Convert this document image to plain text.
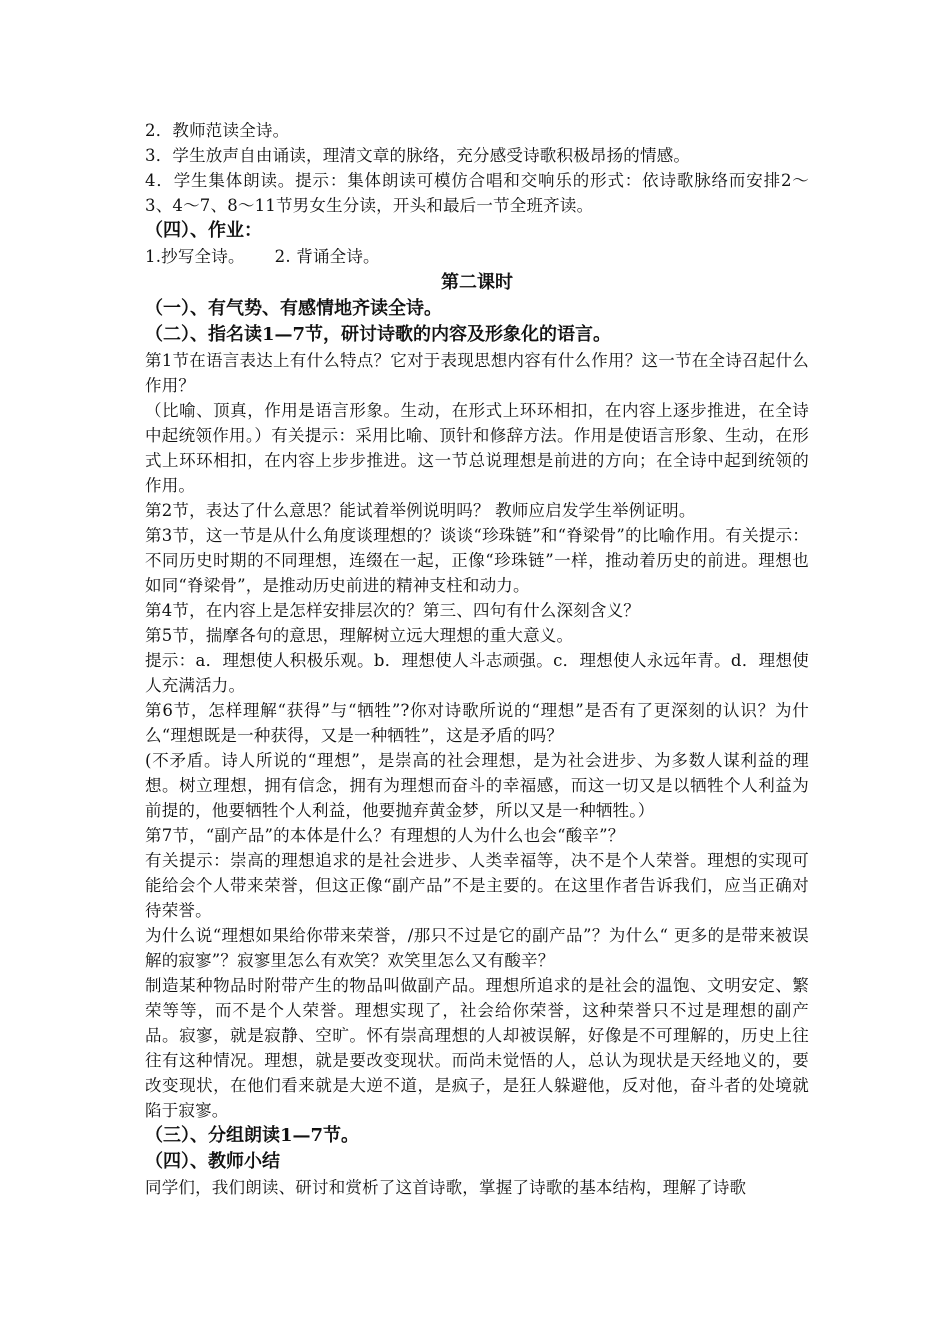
2．教师范读全诗。

3．学生放声自由诵读，理清文章的脉络，充分感受诗歌积极昂扬的情感。

4．学生集体朗读。提示：集体朗读可模仿合唱和交响乐的形式：依诗歌脉络而安排2～3、4～7、8～11节男女生分读，开头和最后一节全班齐读。

（四）、作业：

1.抄写全诗。 2. 背诵全诗。

第二课时

（一）、有气势、有感情地齐读全诗。

（二）、指名读1—7节，研讨诗歌的内容及形象化的语言。

第1节在语言表达上有什么特点？它对于表现思想内容有什么作用？这一节在全诗召起什么作用？

（比喻、顶真，作用是语言形象。生动，在形式上环环相扣，在内容上逐步推进，在全诗中起统领作用。）有关提示：采用比喻、顶针和修辞方法。作用是使语言形象、生动，在形式上环环相扣，在内容上步步推进。这一节总说理想是前进的方向；在全诗中起到统领的作用。

第2节，表达了什么意思？能试着举例说明吗？ 教师应启发学生举例证明。

第3节，这一节是从什么角度谈理想的？谈谈“珍珠链”和“脊梁骨”的比喻作用。有关提示：不同历史时期的不同理想，连缀在一起，正像“珍珠链”一样，推动着历史的前进。理想也如同“脊梁骨”，是推动历史前进的精神支柱和动力。

第4节，在内容上是怎样安排层次的？第三、四句有什么深刻含义？

第5节，揣摩各句的意思，理解树立远大理想的重大意义。

提示：a．理想使人积极乐观。b．理想使人斗志顽强。c．理想使人永远年青。d．理想使人充满活力。

第6节，怎样理解“获得”与“牺牲”?你对诗歌所说的“理想”是否有了更深刻的认识？为什么“理想既是一种获得，又是一种牺牲”，这是矛盾的吗？

(不矛盾。诗人所说的“理想”，是崇高的社会理想，是为社会进步、为多数人谋利益的理想。树立理想，拥有信念，拥有为理想而奋斗的幸福感，而这一切又是以牺牲个人利益为前提的，他要牺牲个人利益，他要抛弃黄金梦，所以又是一种牺牲。）

第7节，“副产品”的本体是什么？有理想的人为什么也会“酸辛”？

有关提示：崇高的理想追求的是社会进步、人类幸福等，决不是个人荣誉。理想的实现可能给会个人带来荣誉，但这正像“副产品”不是主要的。在这里作者告诉我们，应当正确对待荣誉。

为什么说“理想如果给你带来荣誉，/那只不过是它的副产品”？为什么“ 更多的是带来被误解的寂寥”？寂寥里怎么有欢笑？欢笑里怎么又有酸辛？

制造某种物品时附带产生的物品叫做副产品。理想所追求的是社会的温饱、文明安定、繁荣等等，而不是个人荣誉。理想实现了，社会给你荣誉，这种荣誉只不过是理想的副产品。寂寥，就是寂静、空旷。怀有崇高理想的人却被误解，好像是不可理解的，历史上往往有这种情况。理想，就是要改变现状。而尚未觉悟的人，总认为现状是天经地义的，要改变现状，在他们看来就是大逆不道，是疯子，是狂人躲避他，反对他，奋斗者的处境就陷于寂寥。

（三）、分组朗读1—7节。

（四）、教师小结

同学们，我们朗读、研讨和赏析了这首诗歌，掌握了诗歌的基本结构，理解了诗歌
